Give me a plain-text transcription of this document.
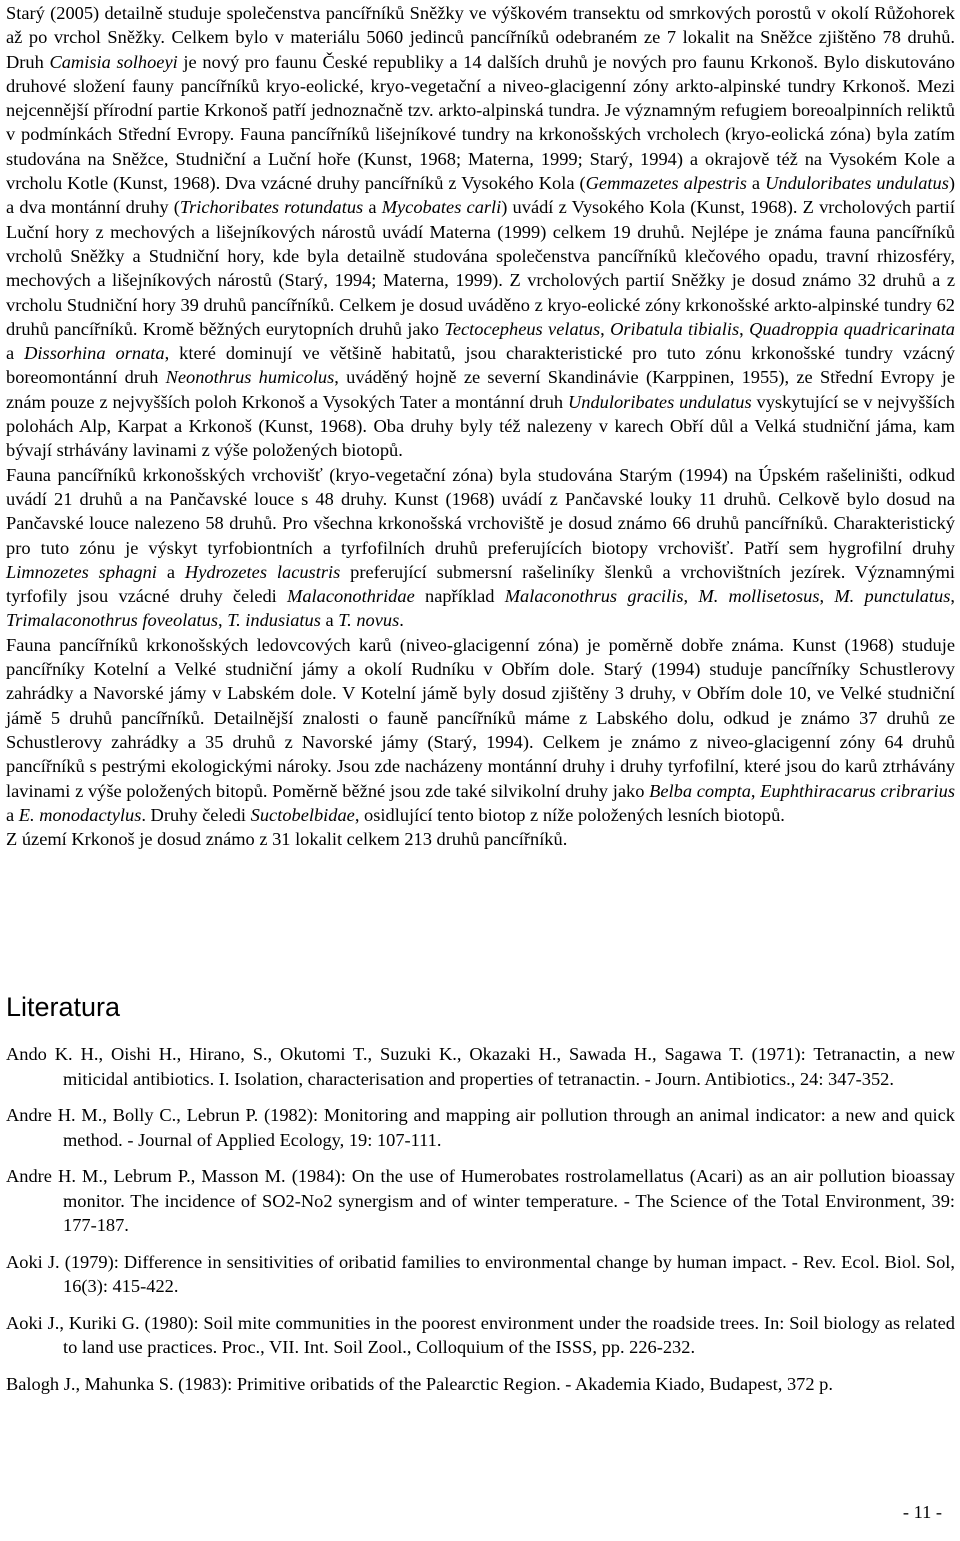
Starý (2005) detailně studuje společenstva pancířníků Sněžky ve výškovém transektu od smrkových porostů v okolí Růžohorek až po vrchol Sněžky. Celkem bylo v materiálu 5060 jedinců pancířníků odebraném ze 7 lokalit na Sněžce zjištěno 78 druhů. Druh Camisia solhoeyi je nový pro faunu České republiky a 14 dalších druhů je nových pro faunu Krkonoš. Bylo diskutováno druhové složení fauny pancířníků kryo-eolické, kryo-vegetační a niveo-glacigenní zóny arkto-alpinské tundry Krkonoš. Mezi nejcennější přírodní partie Krkonoš patří jednoznačně tzv. arkto-alpinská tundra. Je významným refugiem boreoalpinních reliktů v podmínkách Střední Evropy. Fauna pancířníků lišejníkové tundry na krkonošských vrcholech (kryo-eolická zóna) byla zatím studována na Sněžce, Studniční a Luční hoře (Kunst, 1968; Materna, 1999; Starý, 1994) a okrajově též na Vysokém Kole a vrcholu Kotle (Kunst, 1968). Dva vzácné druhy pancířníků z Vysokého Kola (Gemmazetes alpestris a Unduloribates undulatus) a dva montánní druhy (Trichoribates rotundatus a Mycobates carli) uvádí z Vysokého Kola (Kunst, 1968). Z vrcholových partií Luční hory z mechových a lišejníkových nárostů uvádí Materna (1999) celkem 19 druhů. Nejlépe je známa fauna pancířníků vrcholů Sněžky a Studniční hory, kde byla detailně studována společenstva pancířníků klečového opadu, travní rhizosféry, mechových a lišejníkových nárostů (Starý, 1994; Materna, 1999). Z vrcholových partií Sněžky je dosud známo 32 druhů a z vrcholu Studniční hory 39 druhů pancířníků. Celkem je dosud uváděno z kryo-eolické zóny krkonošské arkto-alpinské tundry 62 druhů pancířníků. Kromě běžných eurytopních druhů jako Tectocepheus velatus, Oribatula tibialis, Quadroppia quadricarinata a Dissorhina ornata, které dominují ve většině habitatů, jsou charakteristické pro tuto zónu krkonošské tundry vzácný boreomontánní druh Neonothrus humicolus, uváděný hojně ze severní Skandinávie (Karppinen, 1955), ze Střední Evropy je znám pouze z nejvyšších poloh Krkonoš a Vysokých Tater a montánní druh Unduloribates undulatus vyskytující se v nejvyšších polohách Alp, Karpat a Krkonoš (Kunst, 1968). Oba druhy byly též nalezeny v karech Obří důl a Velká studniční jáma, kam bývají strhávány lavinami z výše položených biotopů.

Fauna pancířníků krkonošských vrchovišť (kryo-vegetační zóna) byla studována Starým (1994) na Úpském rašeliništi, odkud uvádí 21 druhů a na Pančavské louce s 48 druhy. Kunst (1968) uvádí z Pančavské louky 11 druhů. Celkově bylo dosud na Pančavské louce nalezeno 58 druhů. Pro všechna krkonošská vrchoviště je dosud známo 66 druhů pancířníků. Charakteristický pro tuto zónu je výskyt tyrfobiontních a tyrfofilních druhů preferujících biotopy vrchovišť. Patří sem hygrofilní druhy Limnozetes sphagni a Hydrozetes lacustris preferující submersní rašeliníky šlenků a vrchovištních jezírek. Významnými tyrfofily jsou vzácné druhy čeledi Malaconothridae například Malaconothrus gracilis, M. mollisetosus, M. punctulatus, Trimalaconothrus foveolatus, T. indusiatus a T. novus.

Fauna pancířníků krkonošských ledovcových karů (niveo-glacigenní zóna) je poměrně dobře známa. Kunst (1968) studuje pancířníky Kotelní a Velké studniční jámy a okolí Rudníku v Obřím dole. Starý (1994) studuje pancířníky Schustlerovy zahrádky a Navorské jámy v Labském dole. V Kotelní jámě byly dosud zjištěny 3 druhy, v Obřím dole 10, ve Velké studniční jámě 5 druhů pancířníků. Detailnější znalosti o fauně pancířníků máme z Labského dolu, odkud je známo 37 druhů ze Schustlerovy zahrádky a 35 druhů z Navorské jámy (Starý, 1994). Celkem je známo z niveo-glacigenní zóny 64 druhů pancířníků s pestrými ekologickými nároky. Jsou zde nacházeny montánní druhy i druhy tyrfofilní, které jsou do karů ztrhávány lavinami z výše položených bitopů. Poměrně běžné jsou zde také silvikolní druhy jako Belba compta, Euphthiracarus cribrarius a E. monodactylus. Druhy čeledi Suctobelbidae, osidlující tento biotop z níže položených lesních biotopů.

Z území Krkonoš je dosud známo z 31 lokalit celkem 213 druhů pancířníků.

Literatura

Ando K. H., Oishi H., Hirano, S., Okutomi T., Suzuki K., Okazaki H., Sawada H., Sagawa T. (1971): Tetranactin, a new miticidal antibiotics. I. Isolation, characterisation and properties of tetranactin. - Journ. Antibiotics., 24: 347-352.

Andre H. M., Bolly C., Lebrun P. (1982): Monitoring and mapping air pollution through an animal indicator: a new and quick method. - Journal of Applied Ecology, 19: 107-111.

Andre H. M., Lebrum P., Masson M. (1984): On the use of Humerobates rostrolamellatus (Acari) as an air pollution bioassay monitor. The incidence of SO2-No2 synergism and of winter temperature. - The Science of the Total Environment, 39: 177-187.

Aoki J. (1979): Difference in sensitivities of oribatid families to environmental change by human impact. - Rev. Ecol. Biol. Sol, 16(3): 415-422.

Aoki J., Kuriki G. (1980): Soil mite communities in the poorest environment under the roadside trees. In: Soil biology as related to land use practices. Proc., VII. Int. Soil Zool., Colloquium of the ISSS, pp. 226-232.

Balogh J., Mahunka S. (1983): Primitive oribatids of the Palearctic Region. - Akademia Kiado, Budapest, 372 p.

- 11 -
